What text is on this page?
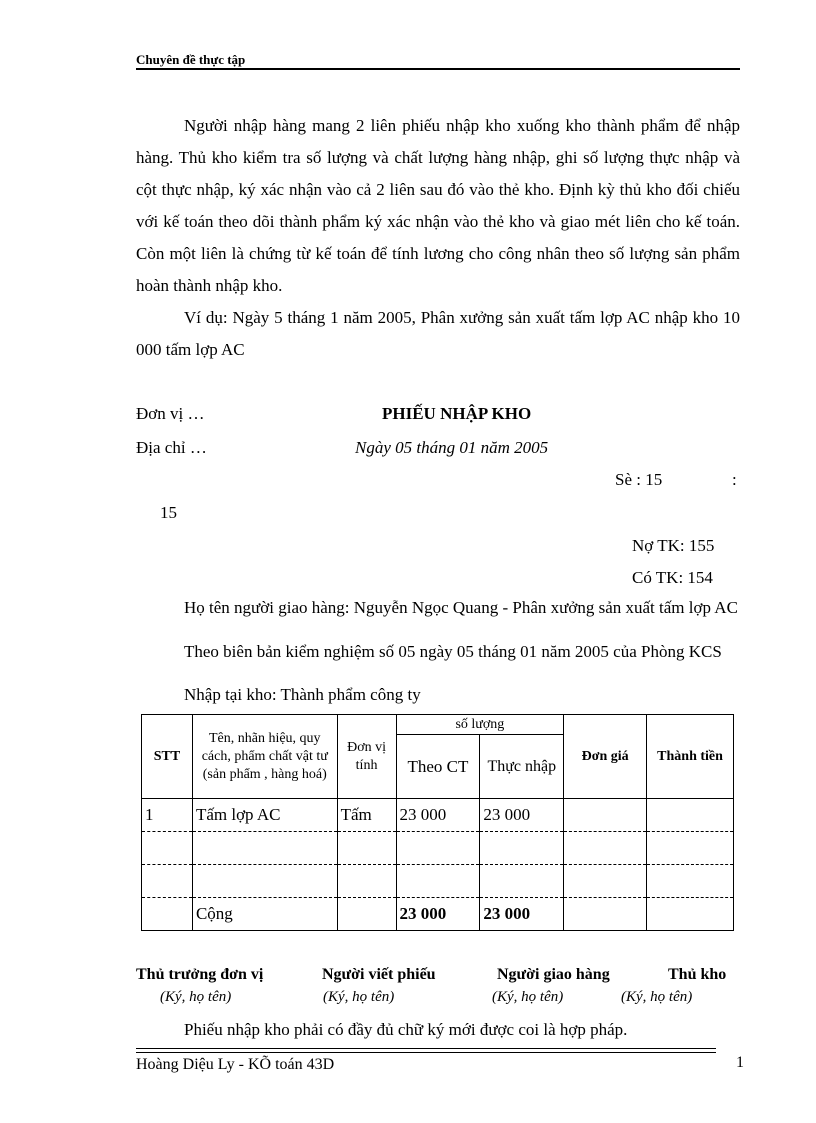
Chuyên đề thực tập
Người nhập hàng mang 2 liên phiếu nhập kho xuống kho thành phẩm để nhập hàng. Thủ kho kiểm tra số lượng và chất lượng hàng nhập, ghi số lượng thực nhập và cột thực nhập, ký xác nhận vào cả 2 liên sau đó vào thẻ kho. Định kỳ thủ kho đối chiếu với kế toán theo dõi thành phẩm ký xác nhận vào thẻ kho và giao mét liên cho kế toán. Còn một liên là chứng từ kế toán để tính lương cho công nhân theo số lượng sản phẩm hoàn thành nhập kho.
Ví dụ: Ngày 5 tháng 1 năm 2005, Phân xưởng sản xuất tấm lợp AC nhập kho 10 000 tấm lợp AC
Đơn vị …	PHIẾU NHẬP KHO
Địa chỉ …	Ngày 05 tháng 01 năm 2005
Sè : 15	:
15
Nợ TK: 155
Có TK: 154
Họ tên người giao hàng: Nguyễn Ngọc Quang - Phân xưởng sản xuất tấm lợp AC
Theo biên bản kiểm nghiệm số 05 ngày 05 tháng 01 năm 2005 của Phòng KCS
Nhập tại kho: Thành phẩm công ty
STT	Tên, nhãn hiệu, quy cách, phẩm chất vật tư (sản phẩm , hàng hoá)	Đơn vị tính	số lượng		Đơn giá	Thành tiền
			Theo CT	Thực nhập		
1	Tấm lợp AC	Tấm	23 000	23 000		

	Cộng		23 000	23 000		
Thủ trưởng đơn vị	Người viết phiếu	Người giao hàng	Thủ kho
(Ký, họ tên)	(Ký, họ tên)	(Ký, họ tên)	(Ký, họ tên)
Phiếu nhập kho phải có đầy đủ chữ ký mới được coi là hợp pháp.
Hoàng Diệu Ly - KÕ toán 43D	1
